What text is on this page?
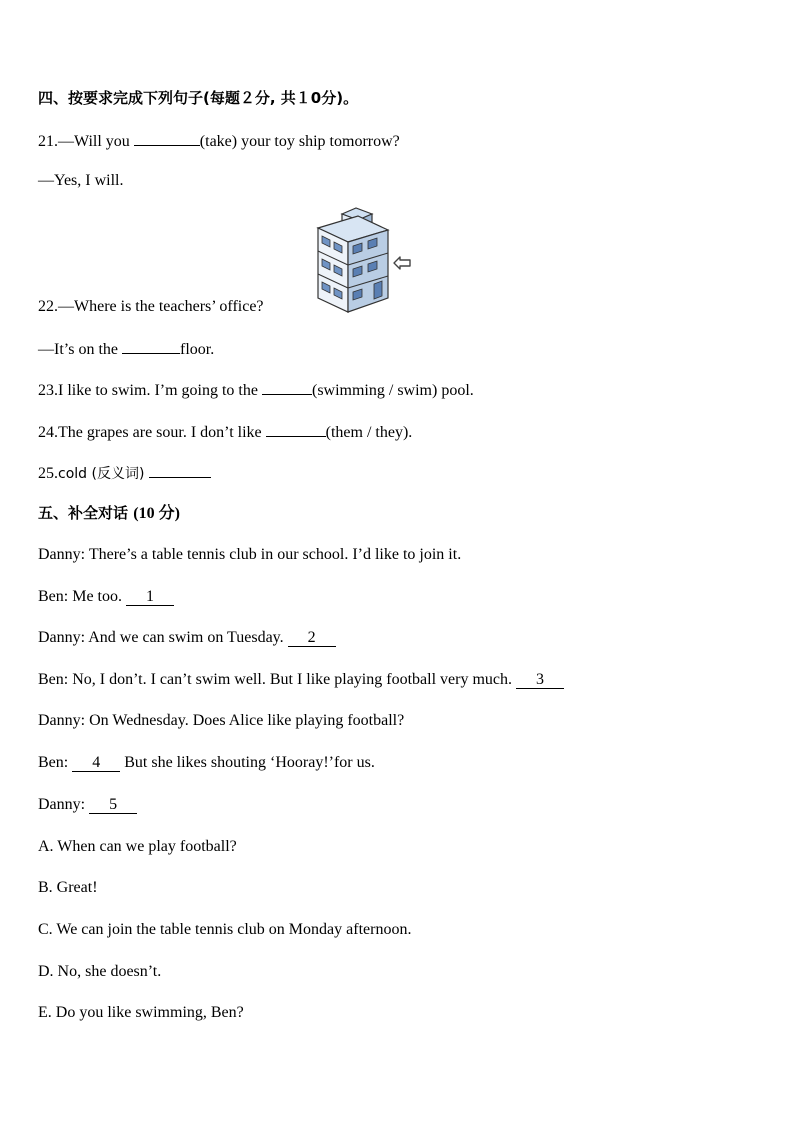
四、按要求完成下列句子(每题２分, 共１0分)。
21.—Will you	(take) your toy ship tomorrow?
—Yes, I will.
22.—Where is the teachers’ office?
—It’s on the	floor.
23.I like to swim. I’m going to the	(swimming / swim) pool.
24.The grapes are sour. I don’t like	(them / they).
25.cold (反义词)
五、补全对话 (10 分)
Danny: There’s a table tennis club in our school. I’d like to join it.
Ben: Me too. 1
Danny: And we can swim on Tuesday. 2
Ben: No, I don’t. I can’t swim well. But I like playing football very much. 3
Danny: On Wednesday. Does Alice like playing football?
Ben: 4 But she likes shouting ‘Hooray!’for us.
Danny: 5
A. When can we play football?
B. Great!
C. We can join the table tennis club on Monday afternoon.
D. No, she doesn’t.
E. Do you like swimming, Ben?
